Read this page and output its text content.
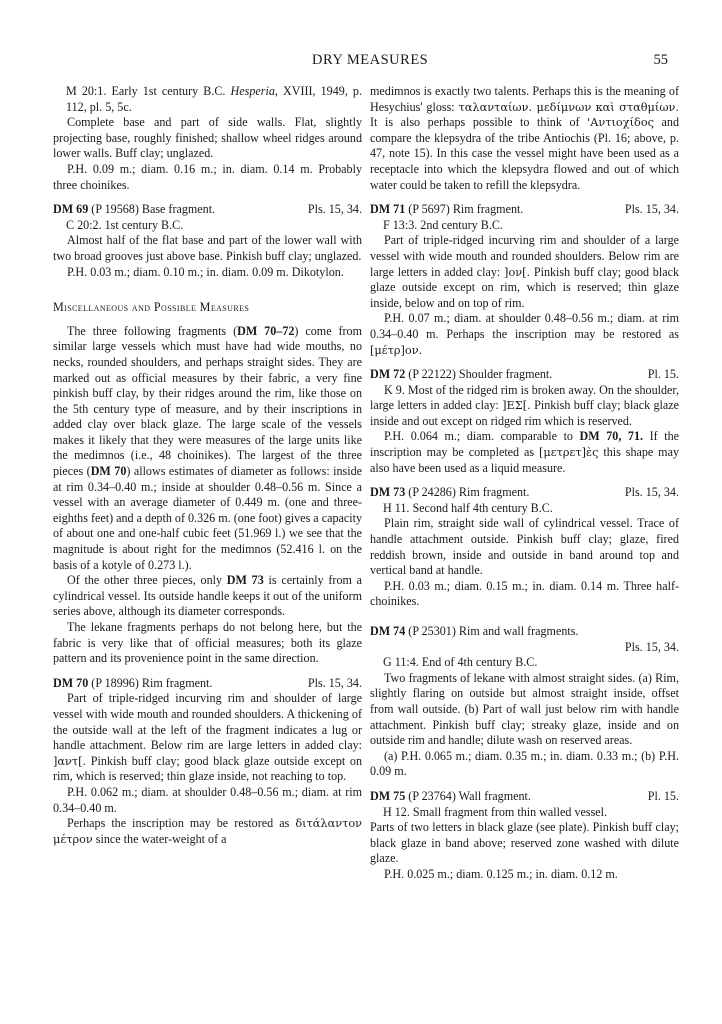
DRY MEASURES	55

M 20:1. Early 1st century B.C. Hesperia, XVIII, 1949, p. 112, pl. 5, 5c.

Complete base and part of side walls. Flat, slightly projecting base, roughly finished; shallow wheel ridges around lower walls. Buff clay; unglazed.

P.H. 0.09 m.; diam. 0.16 m.; in. diam. 0.14 m. Probably three choinikes.

DM 69 (P 19568) Base fragment.	Pls. 15, 34.

C 20:2. 1st century B.C.

Almost half of the flat base and part of the lower wall with two broad grooves just above base. Pinkish buff clay; unglazed.

P.H. 0.03 m.; diam. 0.10 m.; in. diam. 0.09 m. Dikotylon.

Miscellaneous and Possible Measures

The three following fragments (DM 70–72) come from similar large vessels which must have had wide mouths, no necks, rounded shoulders, and perhaps straight sides. They are marked out as official measures by their fabric, a very fine pinkish buff clay, by their ridges around the rim, like those on the 5th century type of measure, and by their inscriptions in added clay over black glaze. The large scale of the vessels makes it likely that they were measures of the large units like the medimnos (i.e., 48 choinikes). The largest of the three pieces (DM 70) allows estimates of diameter as follows: inside at rim 0.34–0.40 m.; inside at shoulder 0.48–0.56 m. Since a vessel with an average diameter of 0.449 m. (one and three-eighths feet) and a depth of 0.326 m. (one foot) gives a capacity of about one and one-half cubic feet (51.969 l.) we see that the magnitude is about right for the medimnos (52.416 l. on the basis of a kotyle of 0.273 l.).

Of the other three pieces, only DM 73 is certainly from a cylindrical vessel. Its outside handle keeps it out of the uniform series above, although its diameter corresponds.

The lekane fragments perhaps do not belong here, but the fabric is very like that of official measures; both its glaze pattern and its provenience point in the same direction.

DM 70 (P 18996) Rim fragment.	Pls. 15, 34.

Part of triple-ridged incurving rim and shoulder of large vessel with wide mouth and rounded shoulders. A thickening of the outside wall at the left of the fragment indicates a lug or handle attachment. Below rim are large letters in added clay: ]αντ[. Pinkish buff clay; good black glaze outside except on rim, which is reserved; thin glaze inside, not reaching to top.

P.H. 0.062 m.; diam. at shoulder 0.48–0.56 m.; diam. at rim 0.34–0.40 m.

Perhaps the inscription may be restored as διτάλαντον μέτρον since the water-weight of a

medimnos is exactly two talents. Perhaps this is the meaning of Hesychius' gloss: ταλανταίων. μεδίμνων καὶ σταθμίων. It is also perhaps possible to think of 'Αντιοχίδος and compare the klepsydra of the tribe Antiochis (Pl. 16; above, p. 47, note 15). In this case the vessel might have been used as a receptacle into which the klepsydra flowed and out of which water could be taken to refill the klepsydra.

DM 71 (P 5697) Rim fragment.	Pls. 15, 34.

F 13:3. 2nd century B.C.

Part of triple-ridged incurving rim and shoulder of a large vessel with wide mouth and rounded shoulders. Below rim are large letters in added clay: ]ον[. Pinkish buff clay; good black glaze outside except on rim, which is reserved; thin glaze inside, below and on top of rim.

P.H. 0.07 m.; diam. at shoulder 0.48–0.56 m.; diam. at rim 0.34–0.40 m. Perhaps the inscription may be restored as [μέτρ]ον.

DM 72 (P 22122) Shoulder fragment.	Pl. 15.

K 9. Most of the ridged rim is broken away. On the shoulder, large letters in added clay: ]ΕΣ[. Pinkish buff clay; black glaze inside and out except on ridged rim which is reserved.

P.H. 0.064 m.; diam. comparable to DM 70, 71. If the inscription may be completed as [μετρετ]ὲς this shape may also have been used as a liquid measure.

DM 73 (P 24286) Rim fragment.	Pls. 15, 34.

H 11. Second half 4th century B.C.

Plain rim, straight side wall of cylindrical vessel. Trace of handle attachment outside. Pinkish buff clay; glaze, fired reddish brown, inside and outside in band around top and vertical band at handle.

P.H. 0.03 m.; diam. 0.15 m.; in. diam. 0.14 m. Three half-choinikes.

DM 74 (P 25301) Rim and wall fragments.

Pls. 15, 34.

G 11:4. End of 4th century B.C.

Two fragments of lekane with almost straight sides. (a) Rim, slightly flaring on outside but almost straight inside, offset from wall outside. (b) Part of wall just below rim with handle attachment. Pinkish buff clay; streaky glaze, inside and on outside rim and handle; dilute wash on reserved areas.

(a) P.H. 0.065 m.; diam. 0.35 m.; in. diam. 0.33 m.; (b) P.H. 0.09 m.

DM 75 (P 23764) Wall fragment.	Pl. 15.

H 12. Small fragment from thin walled vessel.

Parts of two letters in black glaze (see plate). Pinkish buff clay; black glaze in band above; reserved zone washed with dilute glaze.

P.H. 0.025 m.; diam. 0.125 m.; in. diam. 0.12 m.
